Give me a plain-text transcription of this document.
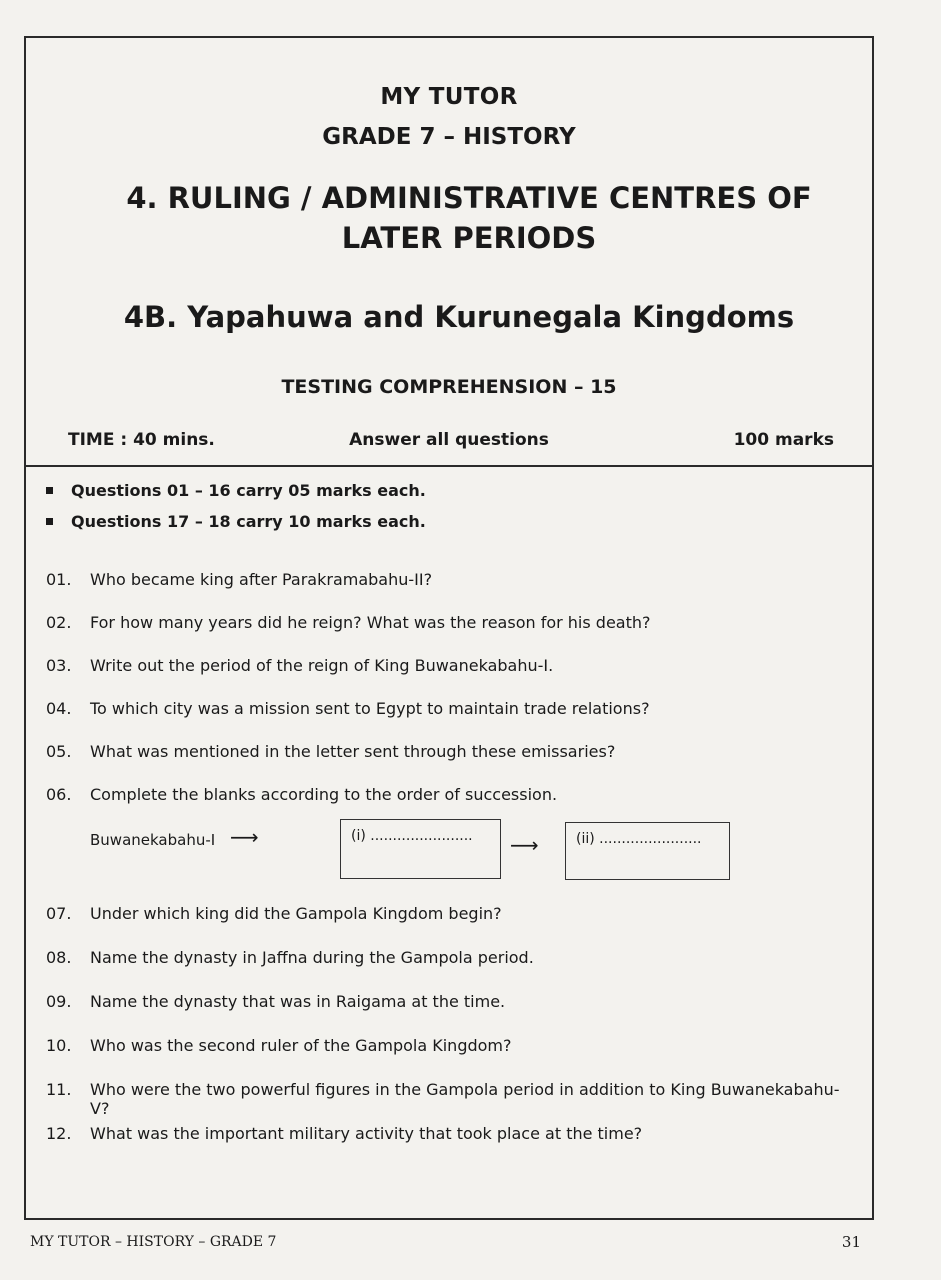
MY TUTOR
GRADE 7 – HISTORY
4. RULING / ADMINISTRATIVE CENTRES OF
LATER PERIODS
4B. Yapahuwa and Kurunegala Kingdoms
TESTING COMPREHENSION – 15
Answer all questions
TIME : 40 mins.	100 marks
Questions 01 – 16 carry 05 marks each.
Questions 17 – 18 carry 10 marks each.
01.	Who became king after Parakramabahu-II?
02.	For how many years did he reign? What was the reason for his death?
03.	Write out the period of the reign of King Buwanekabahu-I.
04.	To which city was a mission sent to Egypt to maintain trade relations?
05.	What was mentioned in the letter sent through these emissaries?
06.	Complete the blanks according to the order of succession.
Buwanekabahu-I ⟶	(i) .......................	⟶	(ii) .......................
07.	Under which king did the Gampola Kingdom begin?
08.	Name the dynasty in Jaffna during the Gampola period.
09.	Name the dynasty that was in Raigama at the time.
10.	Who was the second ruler of the Gampola Kingdom?
11.	Who were the two powerful figures in the Gampola period in addition to King Buwanekabahu-V?
12.	What was the important military activity that took place at the time?
MY TUTOR – HISTORY – GRADE 7	31
